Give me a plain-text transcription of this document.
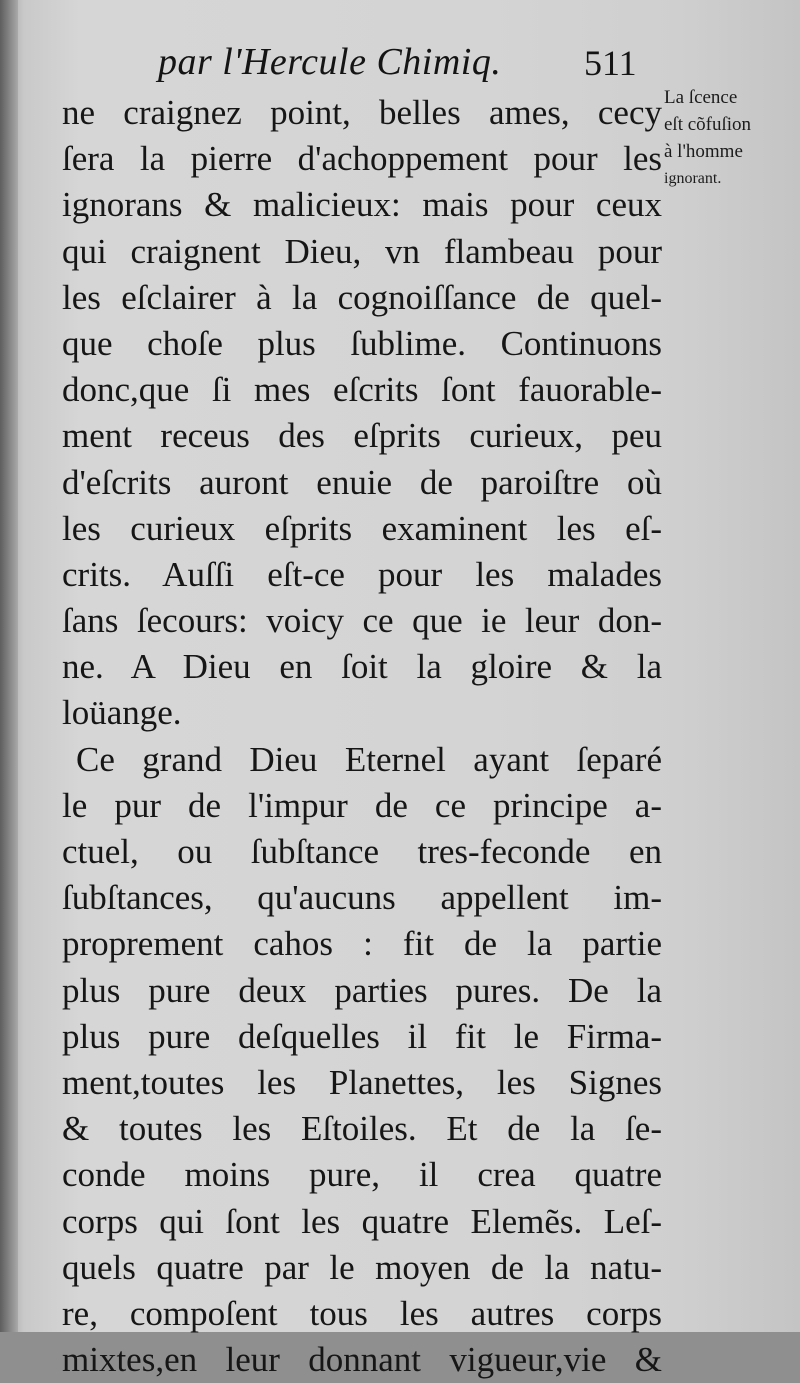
par l'Hercule Chimiq. 511
La ſcence
eſt cõfuſion
à l'homme
ignorant.
ne craignez point, belles ames, cecy
ſera la pierre d'achoppement pour les
ignorans & malicieux: mais pour ceux
qui craignent Dieu, vn flambeau pour
les eſclairer à la cognoiſſance de quel-
que choſe plus ſublime. Continuons
donc,que ſi mes eſcrits ſont fauorable-
ment receus des eſprits curieux, peu
d'eſcrits auront enuie de paroiſtre où
les curieux eſprits examinent les eſ-
crits. Auſſi eſt-ce pour les malades
ſans ſecours: voicy ce que ie leur don-
ne. A Dieu en ſoit la gloire & la
loüange.
Ce grand Dieu Eternel ayant ſeparé
le pur de l'impur de ce principe a-
ctuel, ou ſubſtance tres-feconde en
ſubſtances, qu'aucuns appellent im-
proprement cahos : fit de la partie
plus pure deux parties pures. De la
plus pure deſquelles il fit le Firma-
ment,toutes les Planettes, les Signes
& toutes les Eſtoiles. Et de la ſe-
conde moins pure, il crea quatre
corps qui ſont les quatre Elemẽs. Leſ-
quels quatre par le moyen de la natu-
re, compoſent tous les autres corps
mixtes,en leur donnant vigueur,vie &
